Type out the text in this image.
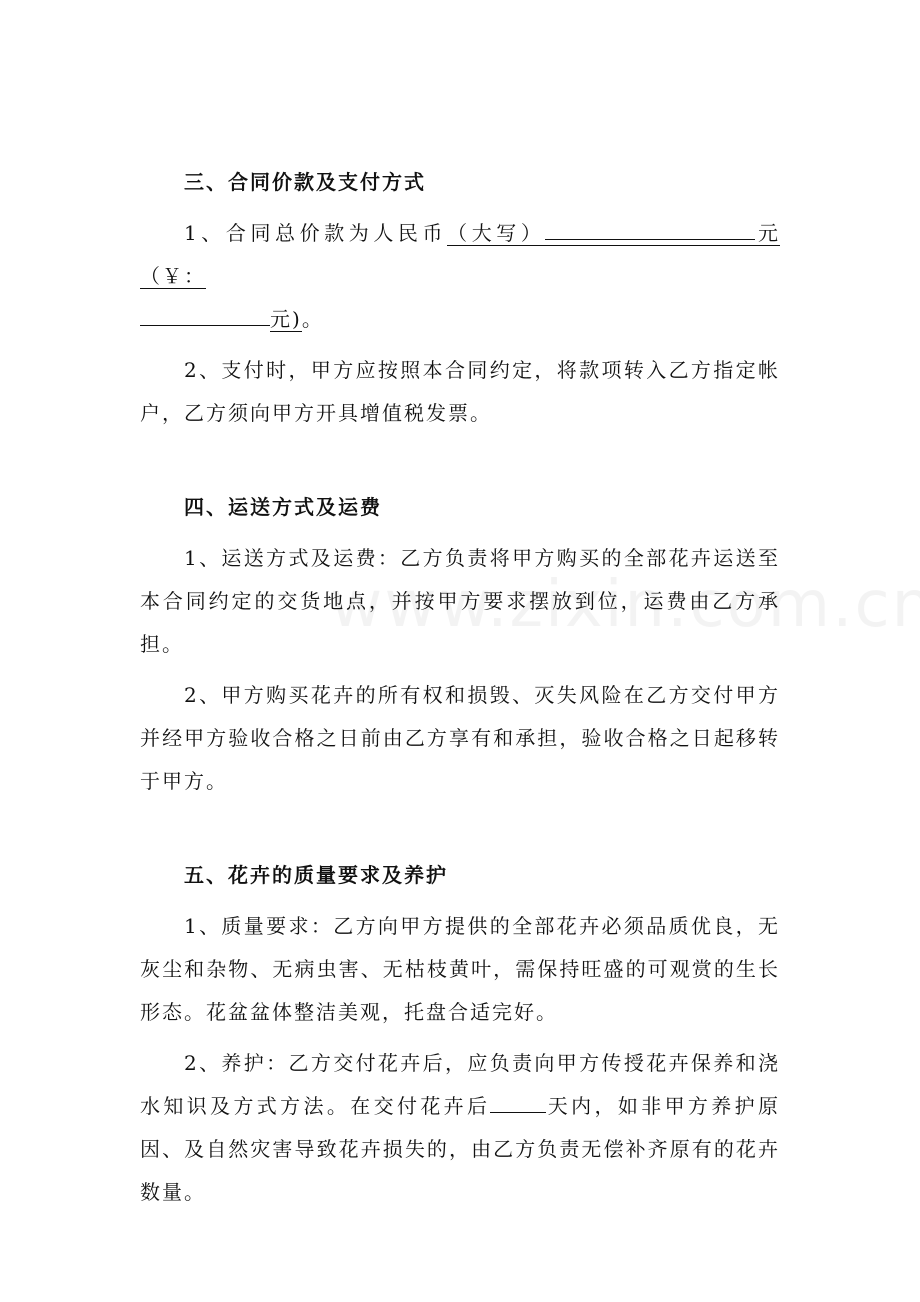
三、合同价款及支付方式

1、合同总价款为人民币（大写）	元（￥：
元)。

2、支付时，甲方应按照本合同约定，将款项转入乙方指定帐户，乙方须向甲方开具增值税发票。

四、运送方式及运费

1、运送方式及运费：乙方负责将甲方购买的全部花卉运送至本合同约定的交货地点，并按甲方要求摆放到位，运费由乙方承担。

2、甲方购买花卉的所有权和损毁、灭失风险在乙方交付甲方并经甲方验收合格之日前由乙方享有和承担，验收合格之日起移转于甲方。

五、花卉的质量要求及养护

1、质量要求：乙方向甲方提供的全部花卉必须品质优良，无灰尘和杂物、无病虫害、无枯枝黄叶，需保持旺盛的可观赏的生长形态。花盆盆体整洁美观，托盘合适完好。

2、养护：乙方交付花卉后，应负责向甲方传授花卉保养和浇水知识及方式方法。在交付花卉后	天内，如非甲方养护原因、及自然灾害导致花卉损失的，由乙方负责无偿补齐原有的花卉数量。
